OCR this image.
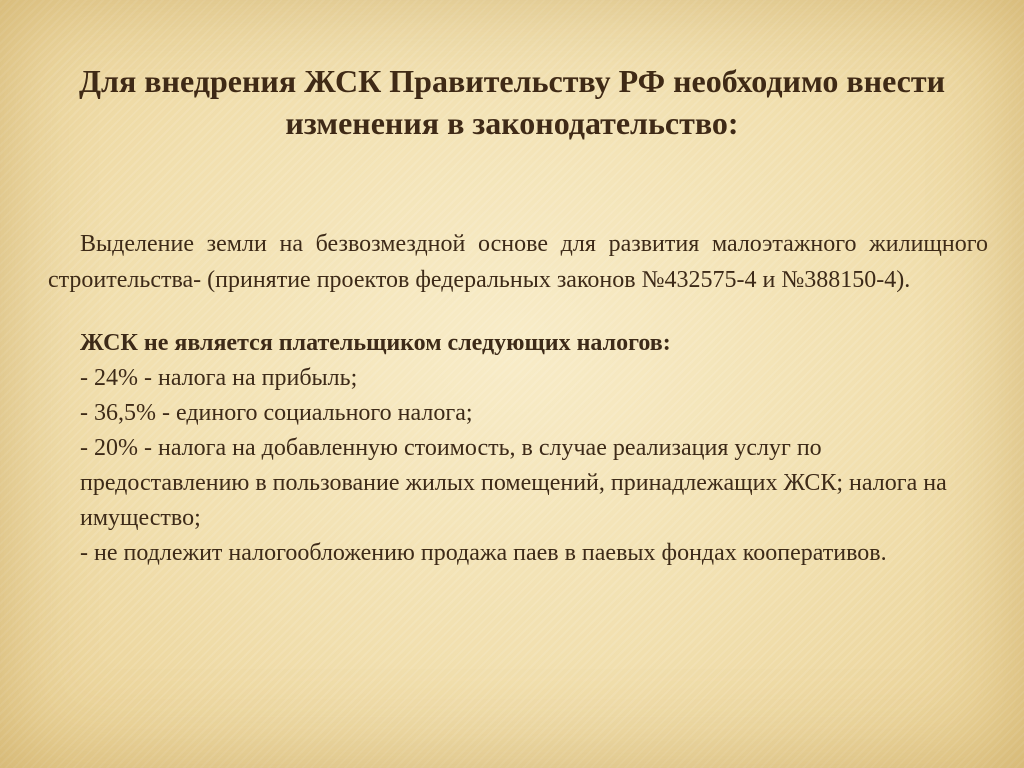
Для внедрения ЖСК Правительству РФ необходимо внести изменения в законодательство:

Выделение земли на безвозмездной основе для развития малоэтажного жилищного строительства- (принятие проектов федеральных законов №432575-4 и №388150-4).

ЖСК не является плательщиком следующих налогов:

- 24% - налога на прибыль;

- 36,5% - единого социального налога;

- 20% - налога на добавленную стоимость, в случае реализация услуг по предоставлению в пользование жилых помещений, принадлежащих ЖСК; налога на имущество;

- не подлежит налогообложению продажа паев в паевых фондах кооперативов.
